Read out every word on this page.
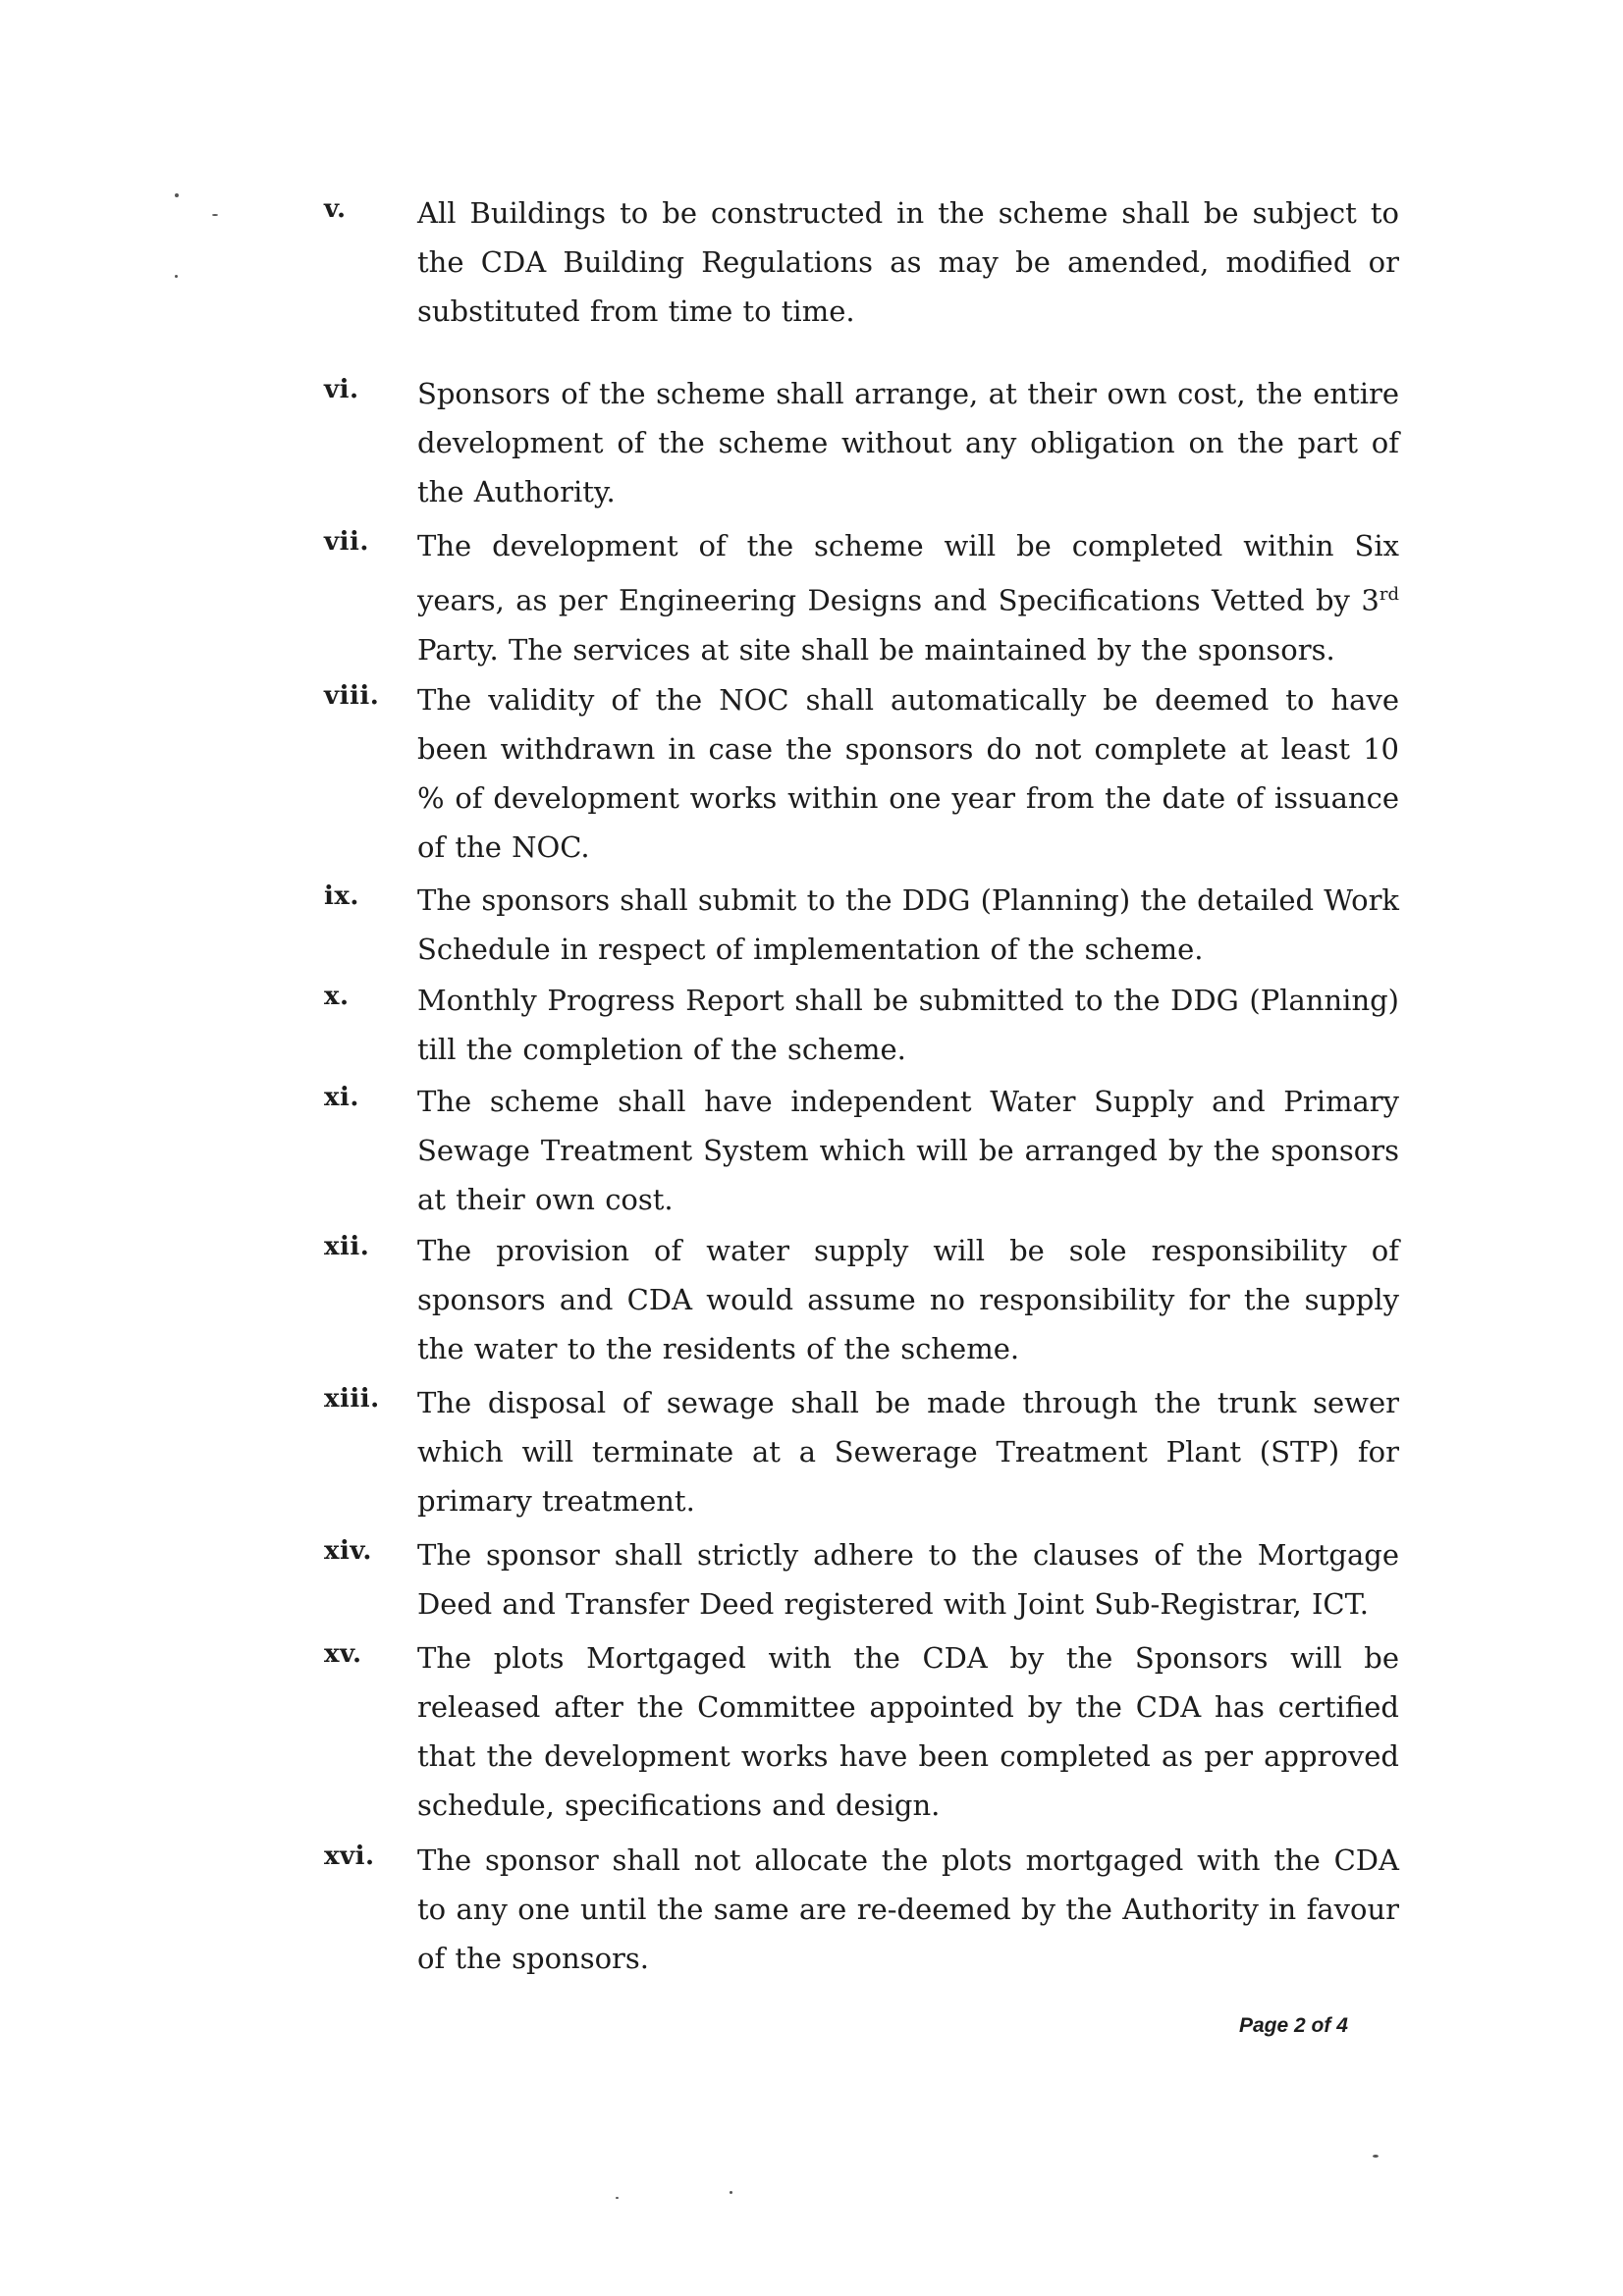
v. All Buildings to be constructed in the scheme shall be subject to the CDA Building Regulations as may be amended, modified or substituted from time to time.
vi. Sponsors of the scheme shall arrange, at their own cost, the entire development of the scheme without any obligation on the part of the Authority.
vii. The development of the scheme will be completed within Six years, as per Engineering Designs and Specifications Vetted by 3rd Party. The services at site shall be maintained by the sponsors.
viii. The validity of the NOC shall automatically be deemed to have been withdrawn in case the sponsors do not complete at least 10 % of development works within one year from the date of issuance of the NOC.
ix. The sponsors shall submit to the DDG (Planning) the detailed Work Schedule in respect of implementation of the scheme.
x. Monthly Progress Report shall be submitted to the DDG (Planning) till the completion of the scheme.
xi. The scheme shall have independent Water Supply and Primary Sewage Treatment System which will be arranged by the sponsors at their own cost.
xii. The provision of water supply will be sole responsibility of sponsors and CDA would assume no responsibility for the supply the water to the residents of the scheme.
xiii. The disposal of sewage shall be made through the trunk sewer which will terminate at a Sewerage Treatment Plant (STP) for primary treatment.
xiv. The sponsor shall strictly adhere to the clauses of the Mortgage Deed and Transfer Deed registered with Joint Sub-Registrar, ICT.
xv. The plots Mortgaged with the CDA by the Sponsors will be released after the Committee appointed by the CDA has certified that the development works have been completed as per approved schedule, specifications and design.
xvi. The sponsor shall not allocate the plots mortgaged with the CDA to any one until the same are re-deemed by the Authority in favour of the sponsors.
Page 2 of 4
